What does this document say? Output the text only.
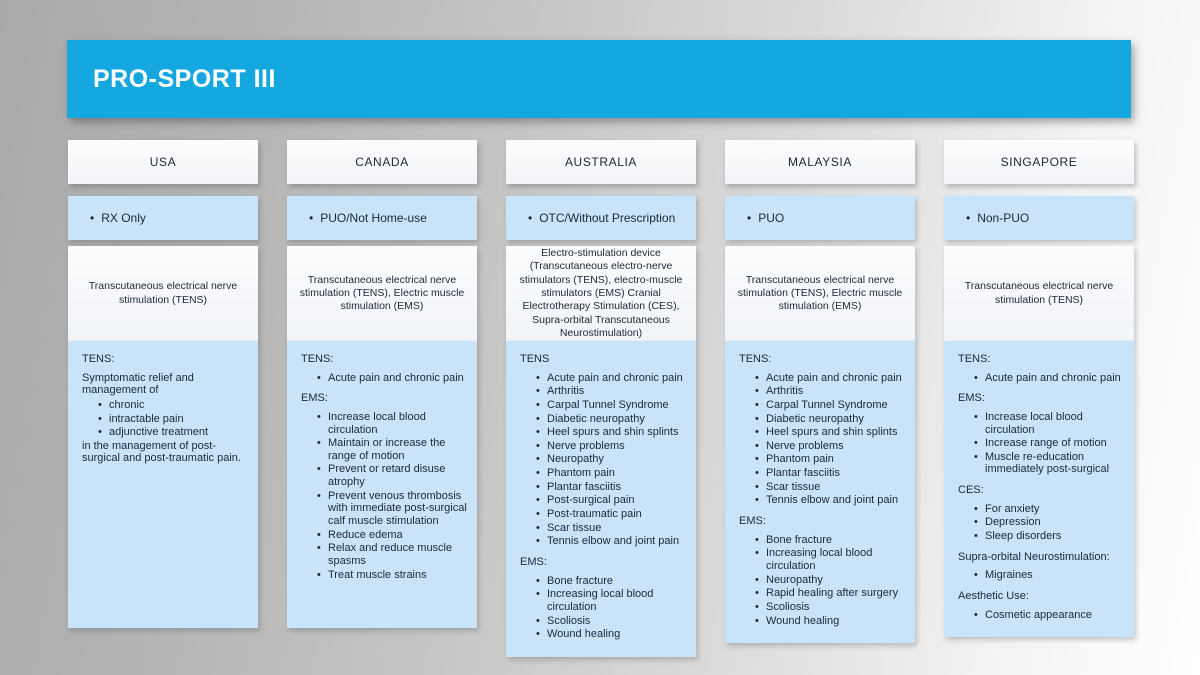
PRO-SPORT III
USA
• RX Only
Transcutaneous electrical nerve stimulation (TENS)
TENS:
Symptomatic relief and management of
• chronic
• intractable pain
• adjunctive treatment
in the management of post-surgical and post-traumatic pain.
CANADA
• PUO/Not Home-use
Transcutaneous electrical nerve stimulation (TENS), Electric muscle stimulation (EMS)
TENS:
• Acute pain and chronic pain
EMS:
• Increase local blood circulation
• Maintain or increase the range of motion
• Prevent or retard disuse atrophy
• Prevent venous thrombosis with immediate post-surgical calf muscle stimulation
• Reduce edema
• Relax and reduce muscle spasms
• Treat muscle strains
AUSTRALIA
• OTC/Without Prescription
Electro-stimulation device (Transcutaneous electro-nerve stimulators (TENS), electro-muscle stimulators (EMS) Cranial Electrotherapy Stimulation (CES), Supra-orbital Transcutaneous Neurostimulation)
TENS
• Acute pain and chronic pain
• Arthritis
• Carpal Tunnel Syndrome
• Diabetic neuropathy
• Heel spurs and shin splints
• Nerve problems
• Neuropathy
• Phantom pain
• Plantar fasciitis
• Post-surgical pain
• Post-traumatic pain
• Scar tissue
• Tennis elbow and joint pain
EMS:
• Bone fracture
• Increasing local blood circulation
• Scoliosis
• Wound healing
MALAYSIA
• PUO
Transcutaneous electrical nerve stimulation (TENS), Electric muscle stimulation (EMS)
TENS:
• Acute pain and chronic pain
• Arthritis
• Carpal Tunnel Syndrome
• Diabetic neuropathy
• Heel spurs and shin splints
• Nerve problems
• Phantom pain
• Plantar fasciitis
• Scar tissue
• Tennis elbow and joint pain
EMS:
• Bone fracture
• Increasing local blood circulation
• Neuropathy
• Rapid healing after surgery
• Scoliosis
• Wound healing
SINGAPORE
• Non-PUO
Transcutaneous electrical nerve stimulation (TENS)
TENS:
• Acute pain and chronic pain
EMS:
• Increase local blood circulation
• Increase range of motion
• Muscle re-education immediately post-surgical
CES:
• For anxiety
• Depression
• Sleep disorders
Supra-orbital Neurostimulation:
• Migraines
Aesthetic Use:
• Cosmetic appearance
